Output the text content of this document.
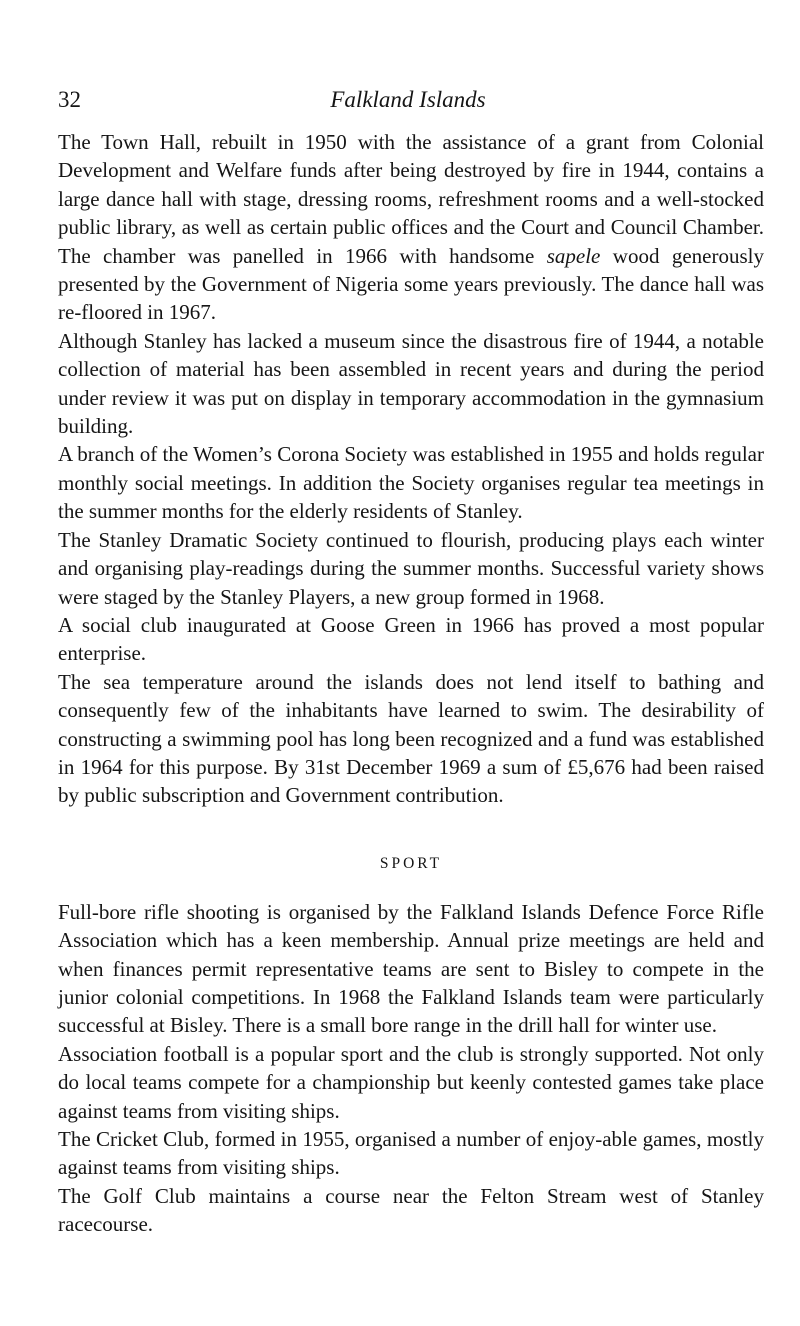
32	Falkland Islands

The Town Hall, rebuilt in 1950 with the assistance of a grant from Colonial Development and Welfare funds after being destroyed by fire in 1944, contains a large dance hall with stage, dressing rooms, refreshment rooms and a well-stocked public library, as well as certain public offices and the Court and Council Chamber. The chamber was panelled in 1966 with handsome sapele wood generously presented by the Government of Nigeria some years previously. The dance hall was re-floored in 1967.

Although Stanley has lacked a museum since the disastrous fire of 1944, a notable collection of material has been assembled in recent years and during the period under review it was put on display in temporary accommodation in the gymnasium building.

A branch of the Women’s Corona Society was established in 1955 and holds regular monthly social meetings. In addition the Society organises regular tea meetings in the summer months for the elderly residents of Stanley.

The Stanley Dramatic Society continued to flourish, producing plays each winter and organising play-readings during the summer months. Successful variety shows were staged by the Stanley Players, a new group formed in 1968.

A social club inaugurated at Goose Green in 1966 has proved a most popular enterprise.

The sea temperature around the islands does not lend itself to bathing and consequently few of the inhabitants have learned to swim. The desirability of constructing a swimming pool has long been recognized and a fund was established in 1964 for this purpose. By 31st December 1969 a sum of £5,676 had been raised by public subscription and Government contribution.

SPORT

Full-bore rifle shooting is organised by the Falkland Islands Defence Force Rifle Association which has a keen membership. Annual prize meetings are held and when finances permit representative teams are sent to Bisley to compete in the junior colonial competitions. In 1968 the Falkland Islands team were particularly successful at Bisley. There is a small bore range in the drill hall for winter use.

Association football is a popular sport and the club is strongly supported. Not only do local teams compete for a championship but keenly contested games take place against teams from visiting ships.

The Cricket Club, formed in 1955, organised a number of enjoy-able games, mostly against teams from visiting ships.

The Golf Club maintains a course near the Felton Stream west of Stanley racecourse.
